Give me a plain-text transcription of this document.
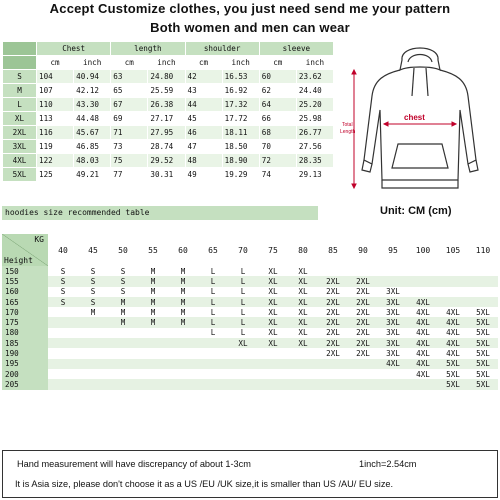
Accept Customize clothes, you just need send me your pattern
Both women and men can wear
	Chest		length		shoulder		sleeve	
	cm	inch	cm	inch	cm	inch	cm	inch
S	104	40.94	63	24.80	42	16.53	60	23.62
M	107	42.12	65	25.59	43	16.92	62	24.40
L	110	43.30	67	26.38	44	17.32	64	25.20
XL	113	44.48	69	27.17	45	17.72	66	25.98
2XL	116	45.67	71	27.95	46	18.11	68	26.77
3XL	119	46.85	73	28.74	47	18.50	70	27.56
4XL	122	48.03	75	29.52	48	18.90	72	28.35
5XL	125	49.21	77	30.31	49	19.29	74	29.13
chest
Total
Length
hoodies size recommended table	Unit: CM (cm)
KG
Height	40	45	50	55	60	65	70	75	80	85	90	95	100	105	110
150	S	S	S	M	M	L	L	XL	XL						
155	S	S	S	M	M	L	L	XL	XL	2XL	2XL				
160	S	S	S	M	M	L	L	XL	XL	2XL	2XL	3XL			
165	S	S	M	M	M	L	L	XL	XL	2XL	2XL	3XL	4XL		
170		M	M	M	M	L	L	XL	XL	2XL	2XL	3XL	4XL	4XL	5XL
175			M	M	M	L	L	XL	XL	2XL	2XL	3XL	4XL	4XL	5XL
180						L	L	XL	XL	2XL	2XL	3XL	4XL	4XL	5XL
185							XL	XL	XL	2XL	2XL	3XL	4XL	4XL	5XL
190										2XL	2XL	3XL	4XL	4XL	5XL
195												4XL	4XL	5XL	5XL
200													4XL	5XL	5XL
205														5XL	5XL
Hand measurement will have discrepancy of about 1-3cm	1inch=2.54cm
It is Asia size, please don't choose it as a US /EU /UK size,it is smaller than US /AU/ EU size.
